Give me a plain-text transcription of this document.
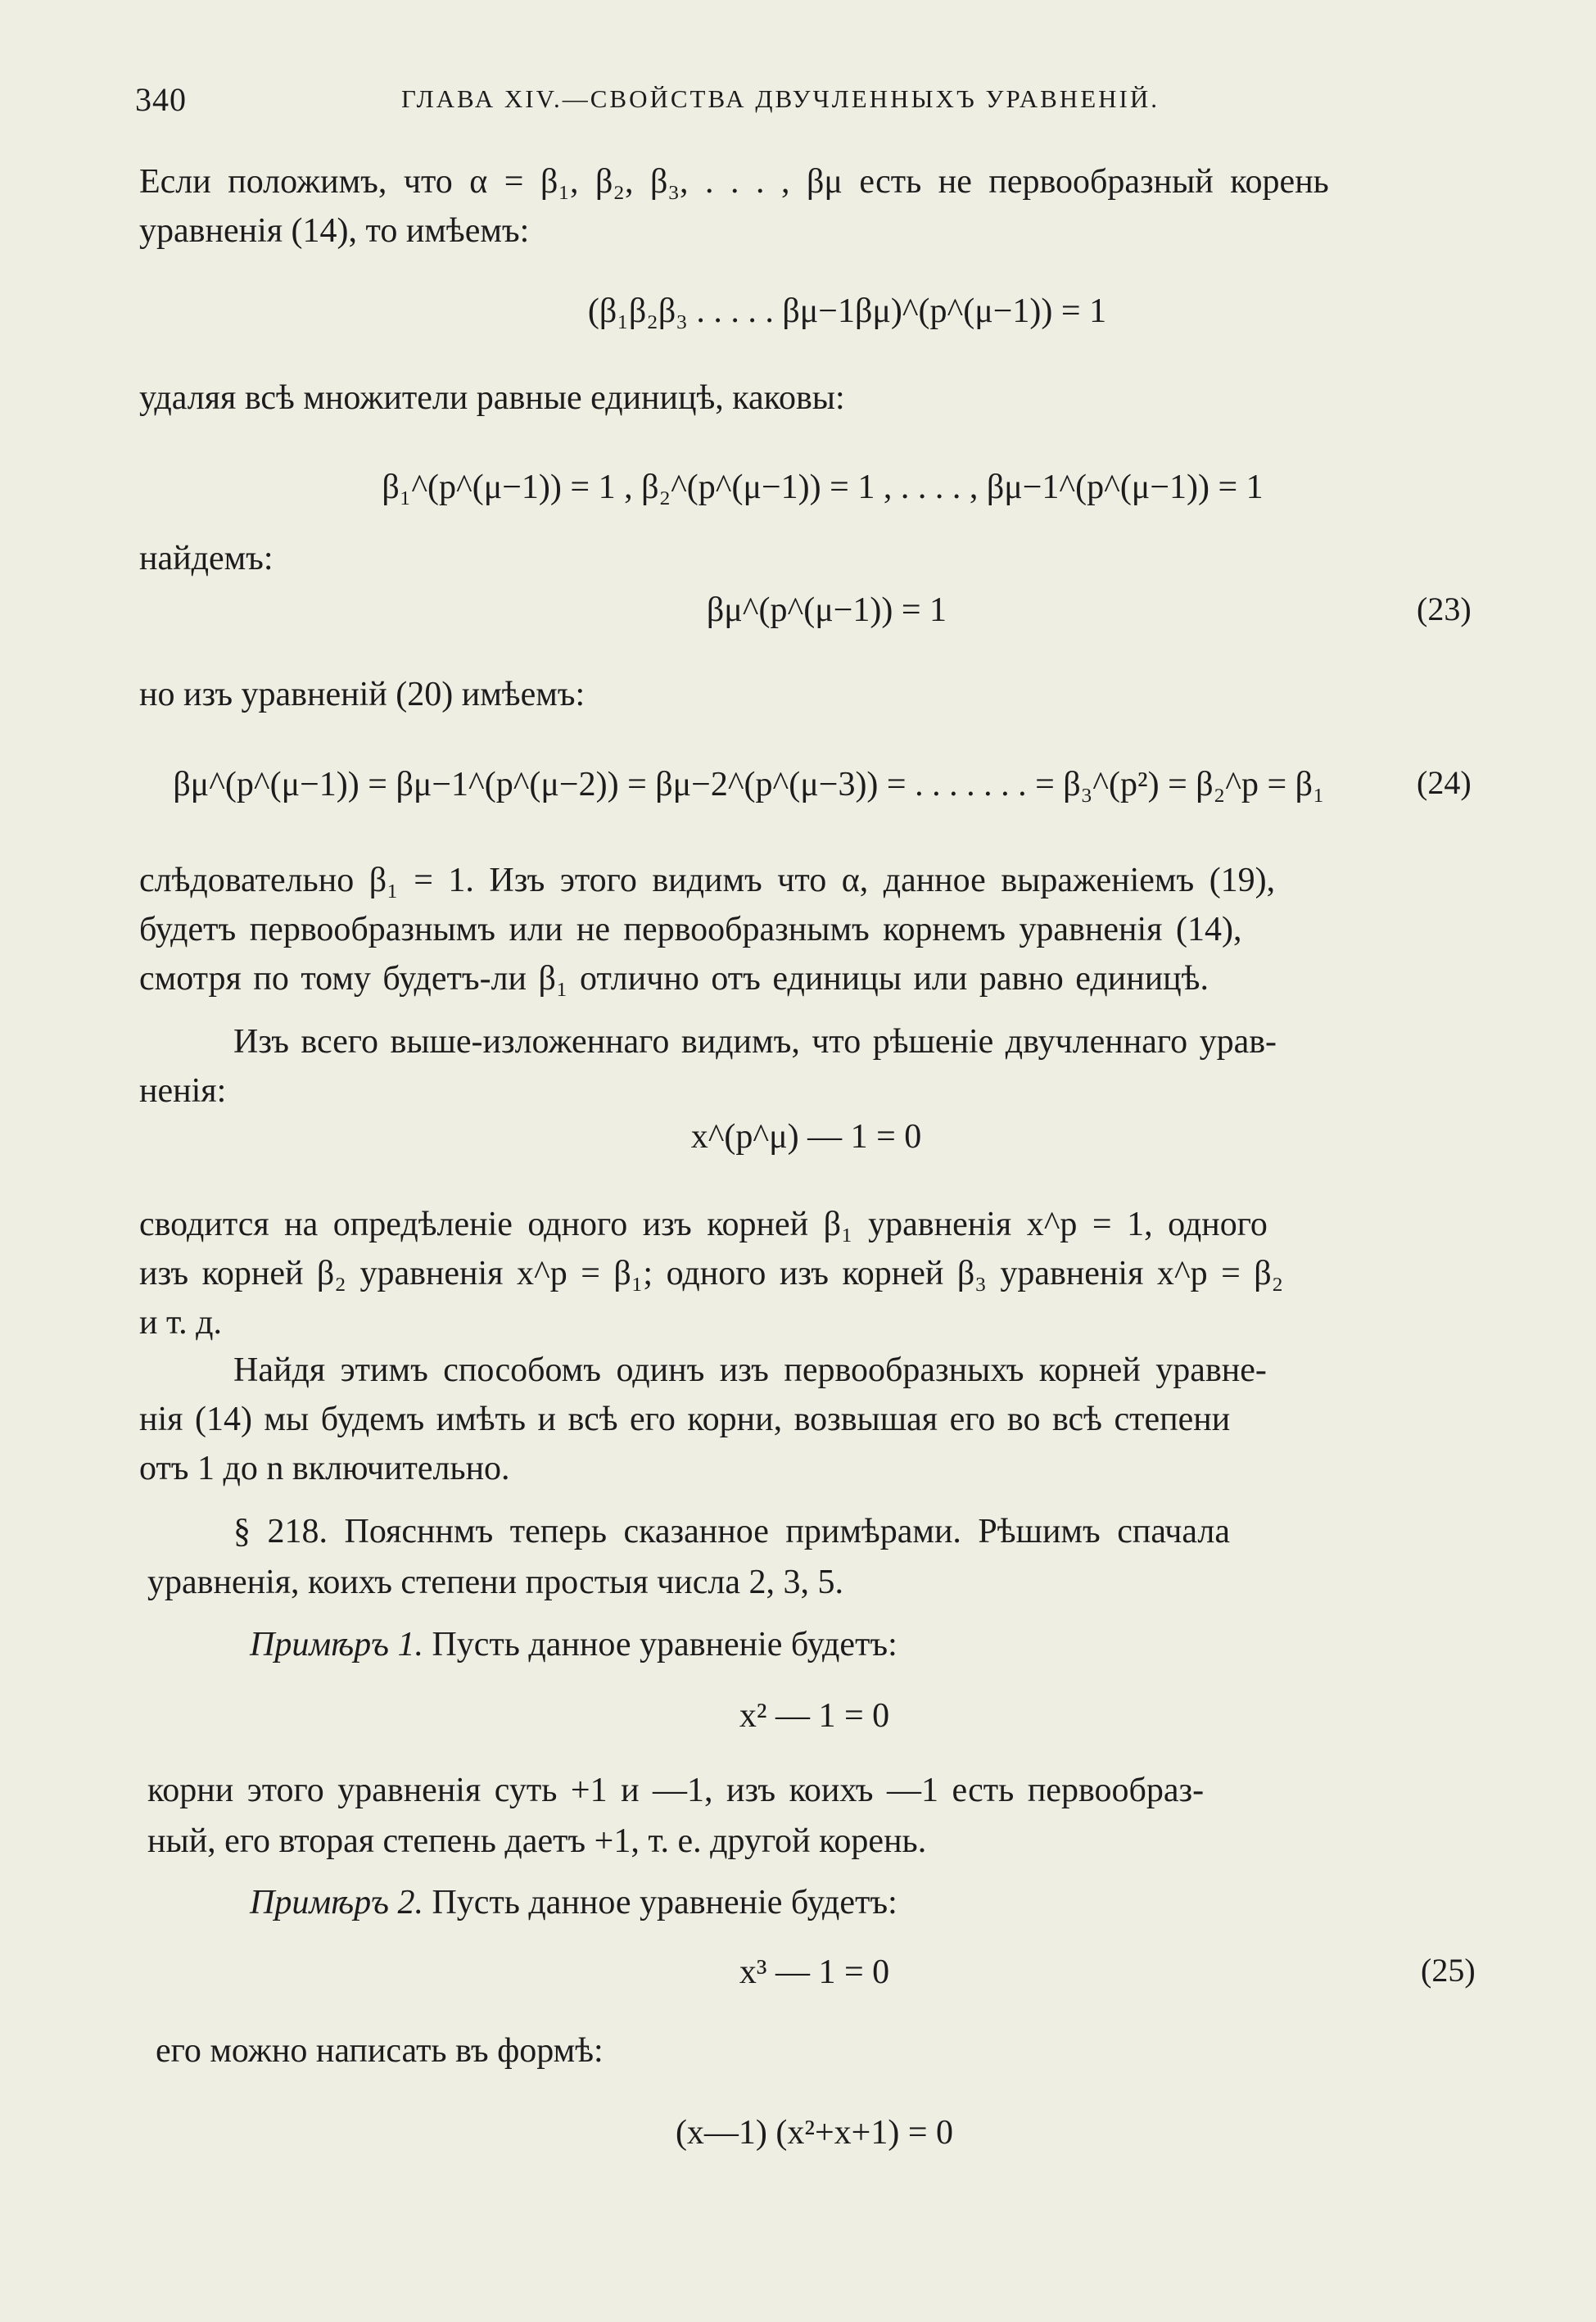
340	ГЛАВА XIV.—СВОЙСТВА ДВУЧЛЕННЫХЪ УРАВНЕНІЙ.
Если положимъ, что α = β₁, β₂, β₃, . . . , βμ есть не первообразный корень
уравненія (14), то имѣемъ:
(β₁β₂β₃ . . . . . βμ−1βμ)^(p^(μ−1)) = 1
удаляя всѣ множители равные единицѣ, каковы:
β₁^(p^(μ−1)) = 1 , β₂^(p^(μ−1)) = 1 , . . . . , βμ−1^(p^(μ−1)) = 1
найдемъ:
βμ^(p^(μ−1)) = 1	(23)
но изъ уравненій (20) имѣемъ:
βμ^(p^(μ−1)) = βμ−1^(p^(μ−2)) = βμ−2^(p^(μ−3)) = . . . . . . . = β₃^(p²) = β₂^p = β₁	(24)
слѣдовательно β₁ = 1. Изъ этого видимъ что α, данное выраженіемъ (19),
будетъ первообразнымъ или не первообразнымъ корнемъ уравненія (14),
смотря по тому будетъ-ли β₁ отлично отъ единицы или равно единицѣ.
Изъ всего выше-изложеннаго видимъ, что рѣшеніе двучленнаго урав-
ненія:
x^(p^μ) — 1 = 0
сводится на опредѣленіе одного изъ корней β₁ уравненія x^p = 1, одного
изъ корней β₂ уравненія x^p = β₁; одного изъ корней β₃ уравненія x^p = β₂
и т. д.
Найдя этимъ способомъ одинъ изъ первообразныхъ корней уравне-
нія (14) мы будемъ имѣть и всѣ его корни, возвышая его во всѣ степени
отъ 1 до n включительно.
§ 218. Поясннмъ теперь сказанное примѣрами. Рѣшимъ спачала
уравненія, коихъ степени простыя числа 2, 3, 5.
Примѣръ 1. Пусть данное уравненіе будетъ:
x² — 1 = 0
корни этого уравненія суть +1 и —1, изъ коихъ —1 есть первообраз-
ный, его вторая степень даетъ +1, т. е. другой корень.
Примѣръ 2. Пусть данное уравненіе будетъ:
x³ — 1 = 0	(25)
его можно написать въ формѣ:
(x—1) (x²+x+1) = 0
